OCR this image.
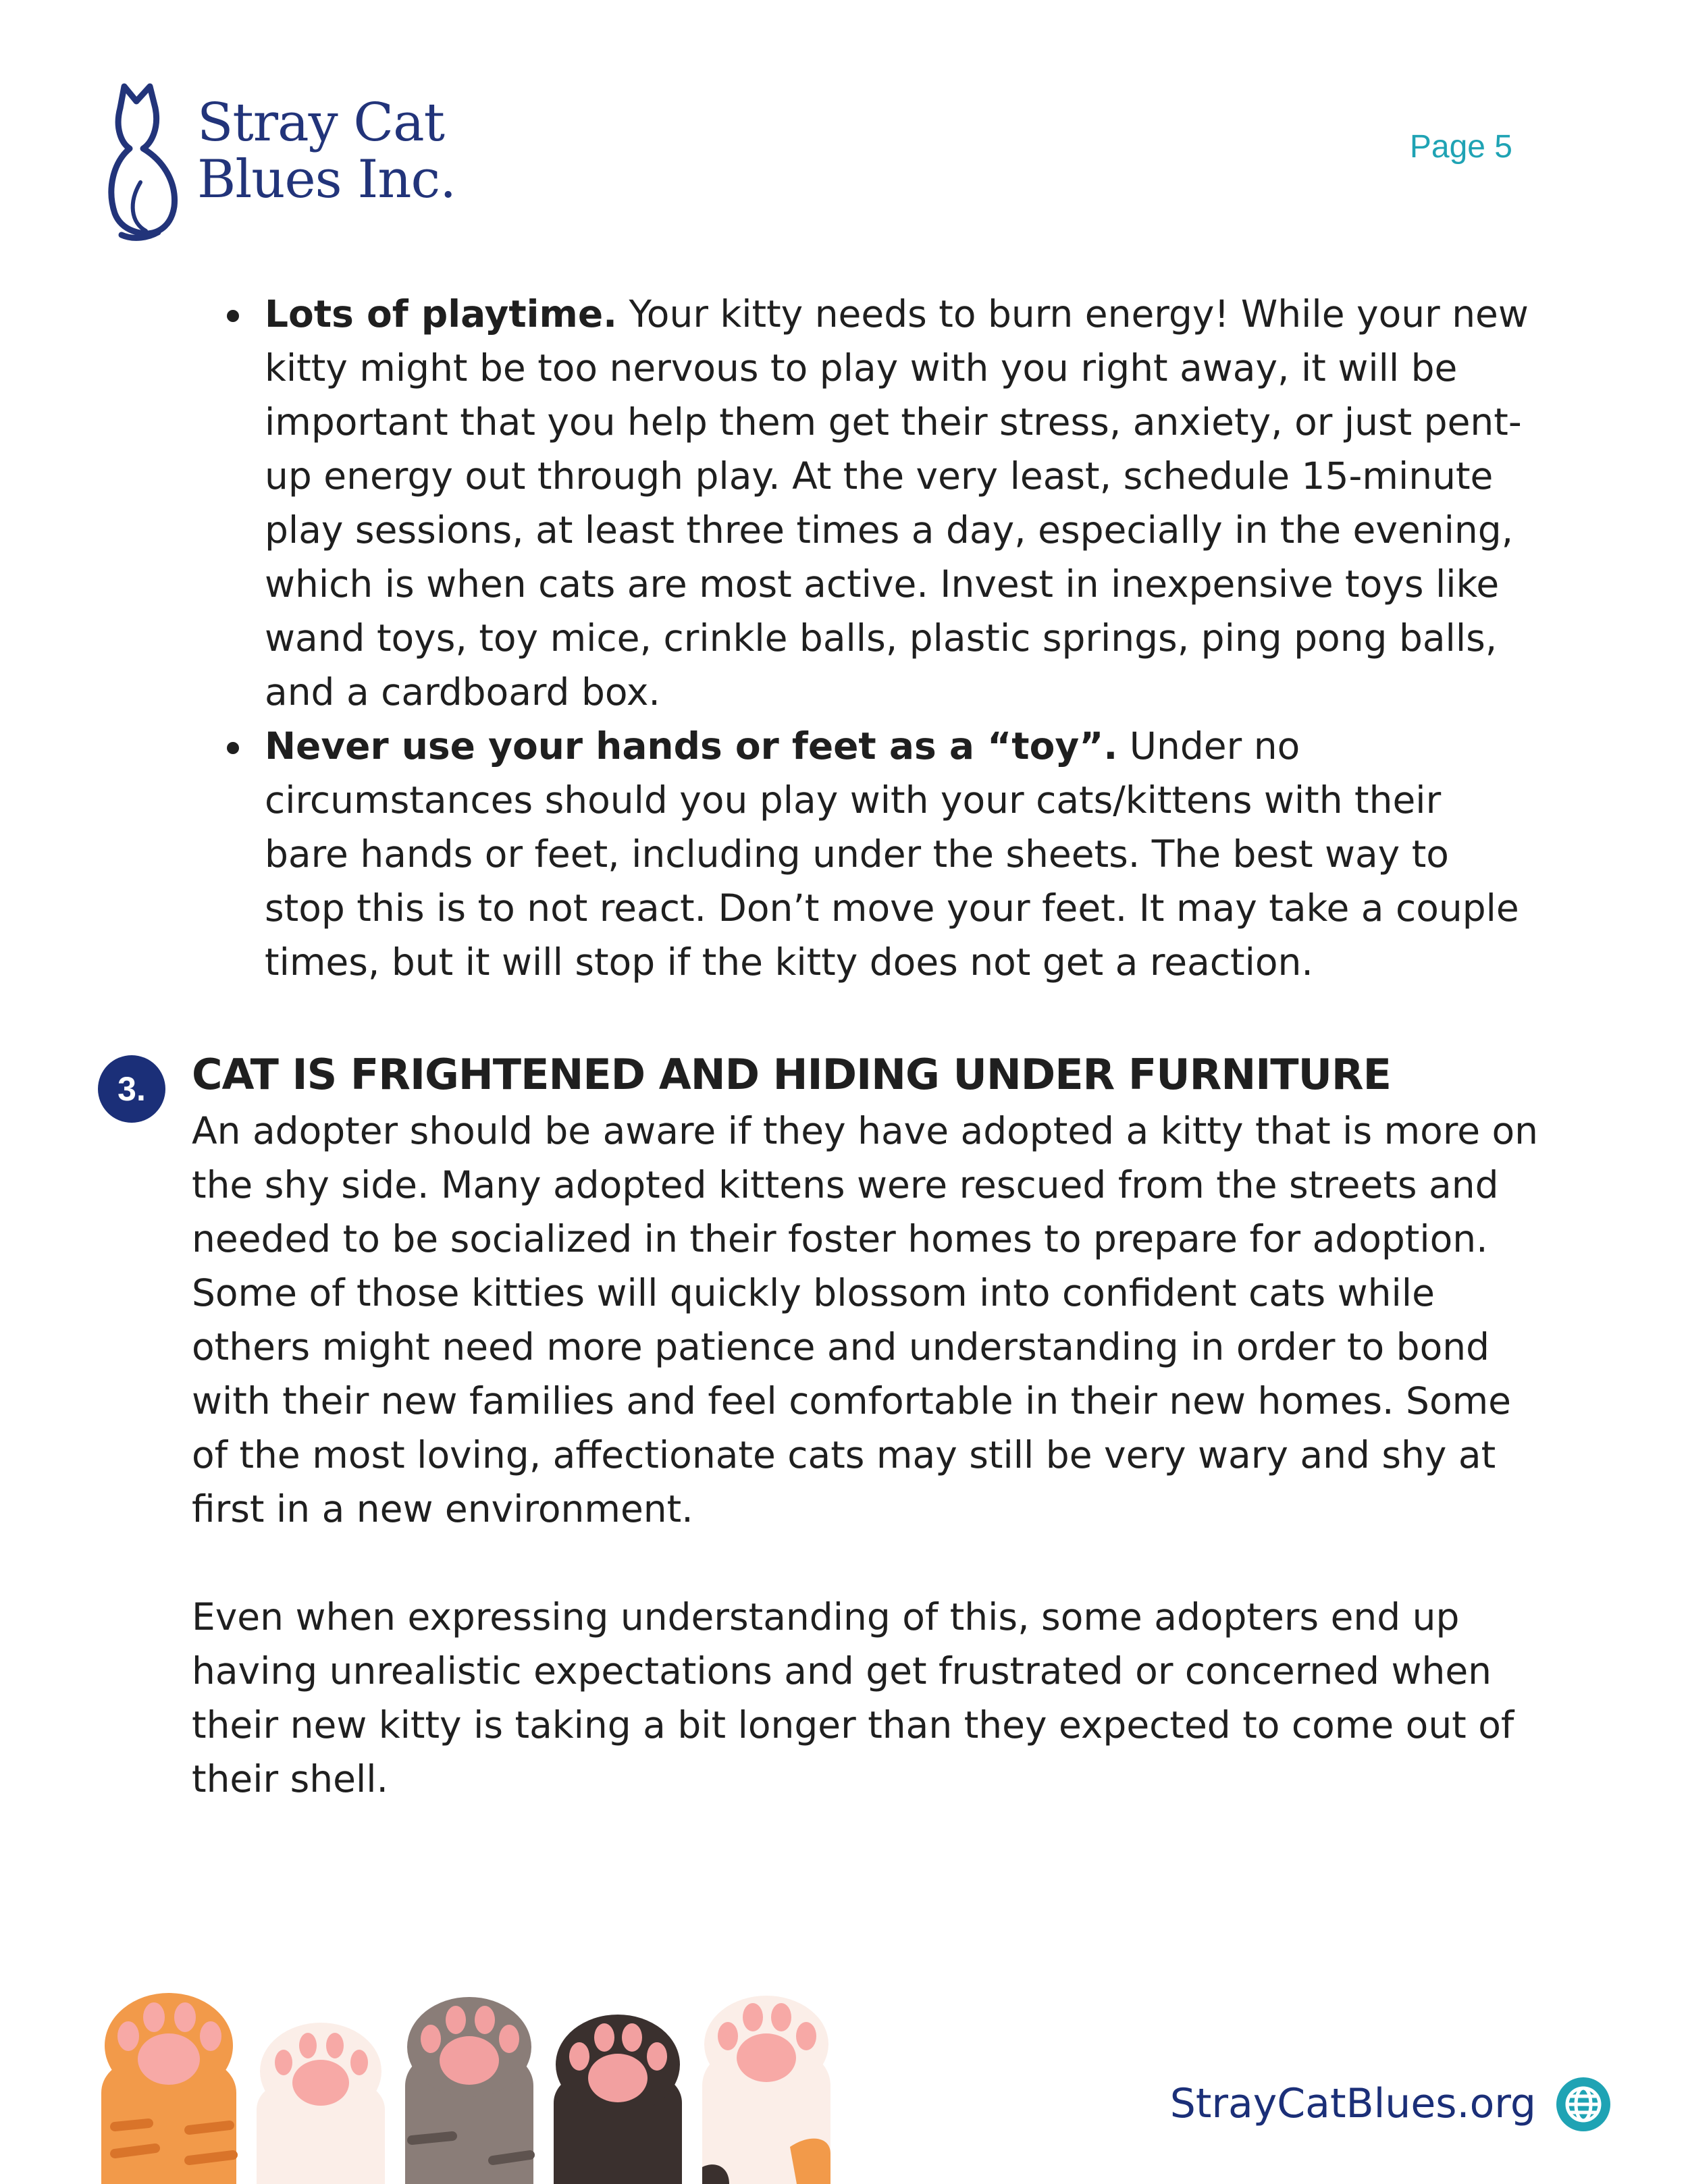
Stray Cat
Blues Inc.
Page 5
Lots of playtime. Your kitty needs to burn energy! While your new kitty might be too nervous to play with you right away, it will be important that you help them get their stress, anxiety, or just pent-up energy out through play. At the very least, schedule 15-minute play sessions, at least three times a day, especially in the evening, which is when cats are most active. Invest in inexpensive toys like wand toys, toy mice, crinkle balls, plastic springs, ping pong balls, and a cardboard box.
Never use your hands or feet as a “toy”. Under no circumstances should you play with your cats/kittens with their bare hands or feet, including under the sheets. The best way to stop this is to not react. Don’t move your feet. It may take a couple times, but it will stop if the kitty does not get a reaction.
3.	CAT IS FRIGHTENED AND HIDING UNDER FURNITURE

An adopter should be aware if they have adopted a kitty that is more on the shy side. Many adopted kittens were rescued from the streets and needed to be socialized in their foster homes to prepare for adoption. Some of those kitties will quickly blossom into confident cats while others might need more patience and understanding in order to bond with their new families and feel comfortable in their new homes. Some of the most loving, affectionate cats may still be very wary and shy at first in a new environment.

Even when expressing understanding of this, some adopters end up having unrealistic expectations and get frustrated or concerned when their new kitty is taking a bit longer than they expected to come out of their shell.

StrayCatBlues.org
